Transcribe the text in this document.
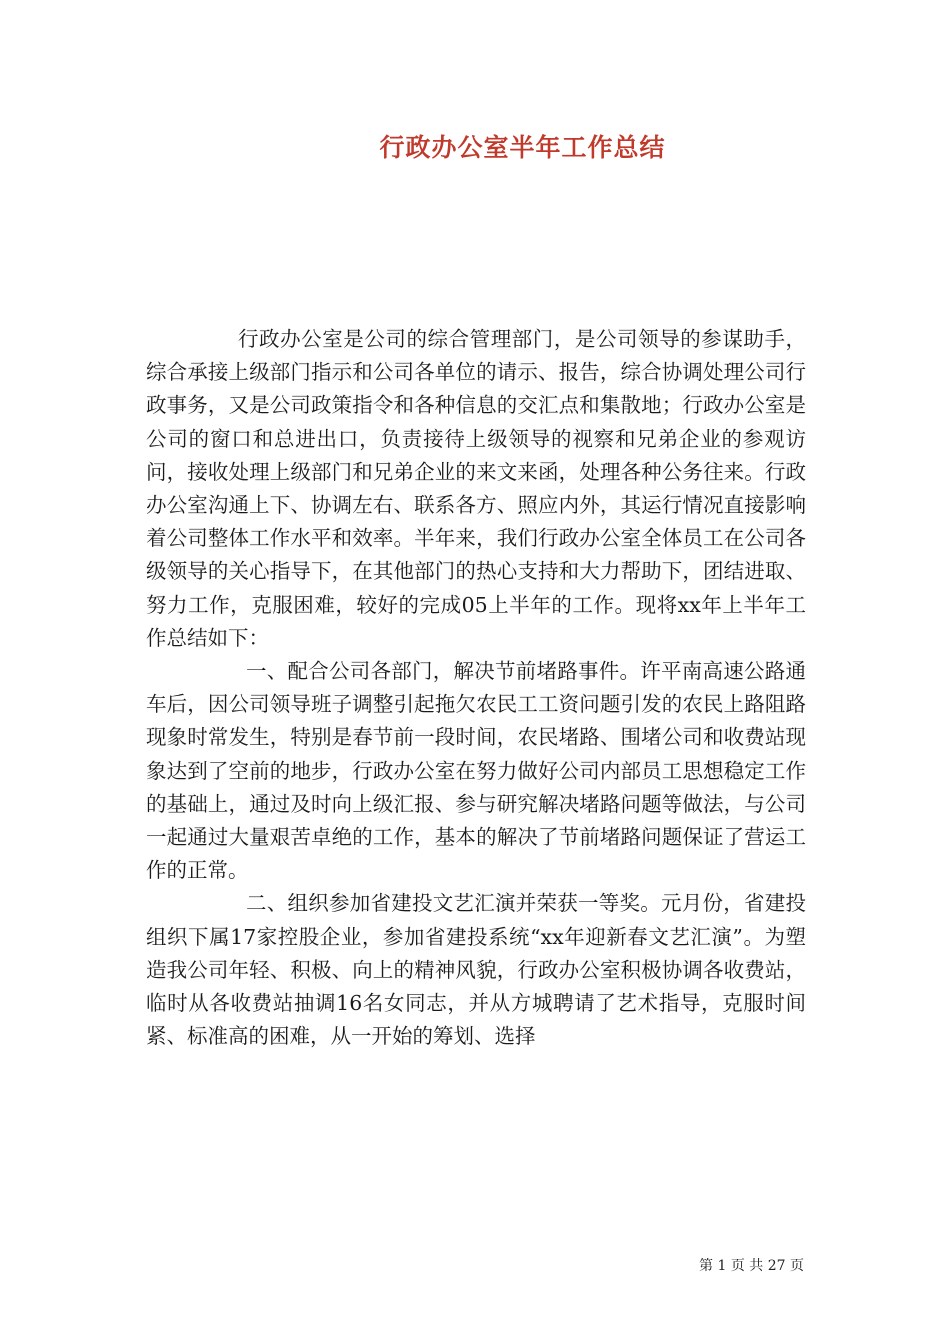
行政办公室半年工作总结

行政办公室是公司的综合管理部门，是公司领导的参谋助手，综合承接上级部门指示和公司各单位的请示、报告，综合协调处理公司行政事务，又是公司政策指令和各种信息的交汇点和集散地；行政办公室是公司的窗口和总进出口，负责接待上级领导的视察和兄弟企业的参观访问，接收处理上级部门和兄弟企业的来文来函，处理各种公务往来。行政办公室沟通上下、协调左右、联系各方、照应内外，其运行情况直接影响着公司整体工作水平和效率。半年来，我们行政办公室全体员工在公司各级领导的关心指导下，在其他部门的热心支持和大力帮助下，团结进取、努力工作，克服困难，较好的完成05上半年的工作。现将xx年上半年工作总结如下：

一、配合公司各部门，解决节前堵路事件。许平南高速公路通车后，因公司领导班子调整引起拖欠农民工工资问题引发的农民上路阻路现象时常发生，特别是春节前一段时间，农民堵路、围堵公司和收费站现象达到了空前的地步，行政办公室在努力做好公司内部员工思想稳定工作的基础上，通过及时向上级汇报、参与研究解决堵路问题等做法，与公司一起通过大量艰苦卓绝的工作，基本的解决了节前堵路问题保证了营运工作的正常。

二、组织参加省建投文艺汇演并荣获一等奖。元月份，省建投组织下属17家控股企业，参加省建投系统“xx年迎新春文艺汇演”。为塑造我公司年轻、积极、向上的精神风貌，行政办公室积极协调各收费站，临时从各收费站抽调16名女同志，并从方城聘请了艺术指导，克服时间紧、标准高的困难，从一开始的筹划、选择

第 1 页 共 27 页
